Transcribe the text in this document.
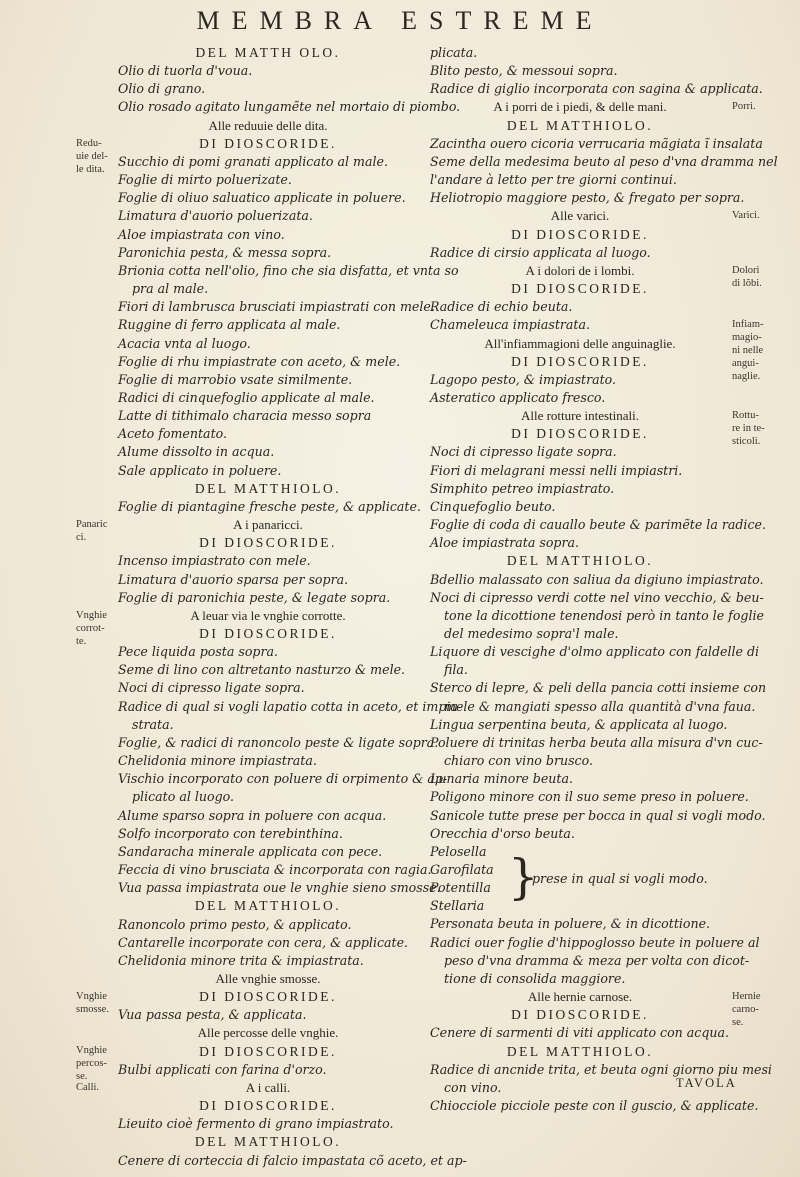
MEMBRA ESTREME
DEL MATTH OLO.
Olio di tuorla d'voua.
Olio di grano.
Olio rosado agitato lungamẽte nel mortaio di piombo.
Alle reduuie delle dita.
DI DIOSCORIDE.
Succhio di pomi granati applicato al male.
Foglie di mirto poluerizate.
Foglie di oliuo saluatico applicate in poluere.
Limatura d'auorio poluerizata.
Aloe impiastrata con vino.
Paronichia pesta, & messa sopra.
Brionia cotta nell'olio, fino che sia disfatta, et vnta so
pra al male.
Fiori di lambrusca brusciati impiastrati con mele.
Ruggine di ferro applicata al male.
Acacia vnta al luogo.
Foglie di rhu impiastrate con aceto, & mele.
Foglie di marrobio vsate similmente.
Radici di cinquefoglio applicate al male.
Latte di tithimalo characia messo sopra
Aceto fomentato.
Alume dissolto in acqua.
Sale applicato in poluere.
DEL MATTHIOLO.
Foglie di piantagine fresche peste, & applicate.
A i panaricci.
DI DIOSCORIDE.
Incenso impiastrato con mele.
Limatura d'auorio sparsa per sopra.
Foglie di paronichia peste, & legate sopra.
A leuar via le vnghie corrotte.
DI DIOSCORIDE.
Pece liquida posta sopra.
Seme di lino con altretanto nasturzo & mele.
Noci di cipresso ligate sopra.
Radice di qual si vogli lapatio cotta in aceto, et impia-
strata.
Foglie, & radici di ranoncolo peste & ligate sopra.
Chelidonia minore impiastrata.
Vischio incorporato con poluere di orpimento & ap-
plicato al luogo.
Alume sparso sopra in poluere con acqua.
Solfo incorporato con terebinthina.
Sandaracha minerale applicata con pece.
Feccia di vino brusciata & incorporata con ragia.
Vua passa impiastrata oue le vnghie sieno smosse.
DEL MATTHIOLO.
Ranoncolo primo pesto, & applicato.
Cantarelle incorporate con cera, & applicate.
Chelidonia minore trita & impiastrata.
Alle vnghie smosse.
DI DIOSCORIDE.
Vua passa pesta, & applicata.
Alle percosse delle vnghie.
DI DIOSCORIDE.
Bulbi applicati con farina d'orzo.
A i calli.
DI DIOSCORIDE.
Lieuito cioè fermento di grano impiastrato.
DEL MATTHIOLO.
Cenere di corteccia di falcio impastata cõ aceto, et ap-
plicata.
Blito pesto, & messoui sopra.
Radice di giglio incorporata con sagina & applicata.
A i porri de i piedi, & delle mani.
DEL MATTHIOLO.
Zacintha ouero cicoria verrucaria mãgiata ĩ insalata
Seme della medesima beuto al peso d'vna dramma nel
l'andare à letto per tre giorni continui.
Heliotropio maggiore pesto, & fregato per sopra.
Alle varici.
DI DIOSCORIDE.
Radice di cirsio applicata al luogo.
A i dolori de i lombi.
DI DIOSCORIDE.
Radice di echio beuta.
Chameleuca impiastrata.
All'infiammagioni delle anguinaglie.
DI DIOSCORIDE.
Lagopo pesto, & impiastrato.
Asteratico applicato fresco.
Alle rotture intestinali.
DI DIOSCORIDE.
Noci di cipresso ligate sopra.
Fiori di melagrani messi nelli impiastri.
Simphito petreo impiastrato.
Cinquefoglio beuto.
Foglie di coda di cauallo beute & parimẽte la radice.
Aloe impiastrata sopra.
DEL MATTHIOLO.
Bdellio malassato con saliua da digiuno impiastrato.
Noci di cipresso verdi cotte nel vino vecchio, & beu-
tone la dicottione tenendosi però in tanto le foglie
del medesimo sopra'l male.
Liquore di vescighe d'olmo applicato con faldelle di
fila.
Sterco di lepre, & peli della pancia cotti insieme con
mele & mangiati spesso alla quantità d'vna faua.
Lingua serpentina beuta, & applicata al luogo.
Poluere di trinitas herba beuta alla misura d'vn cuc-
chiaro con vino brusco.
Lunaria minore beuta.
Poligono minore con il suo seme preso in poluere.
Sanicole tutte prese per bocca in qual si vogli modo.
Orecchia d'orso beuta.
Pelosella
Garofilata
Potentilla
Stellaria
}
prese in qual si vogli modo.
Personata beuta in poluere, & in dicottione.
Radici ouer foglie d'hippoglosso beute in poluere al
peso d'vna dramma & meza per volta con dicot-
tione di consolida maggiore.
Alle hernie carnose.
DI DIOSCORIDE.
Cenere di sarmenti di viti applicato con acqua.
DEL MATTHIOLO.
Radice di ancnide trita, et beuta ogni giorno piu mesi
con vino.
Chiocciole picciole peste con il guscio, & applicate.
Redu-
uie del-
le dita.
Panaric
ci.
Vnghie
corrot-
te.
Vnghie
smosse.
Vnghie
percos-
se.
Calli.
Porri.
Varici.
Dolori
di lõbi.
Infiam-
magio-
ni nelle
angui-
naglie.
Rottu-
re in te-
sticoli.
Hernie
carno-
se.
TAVOLA
